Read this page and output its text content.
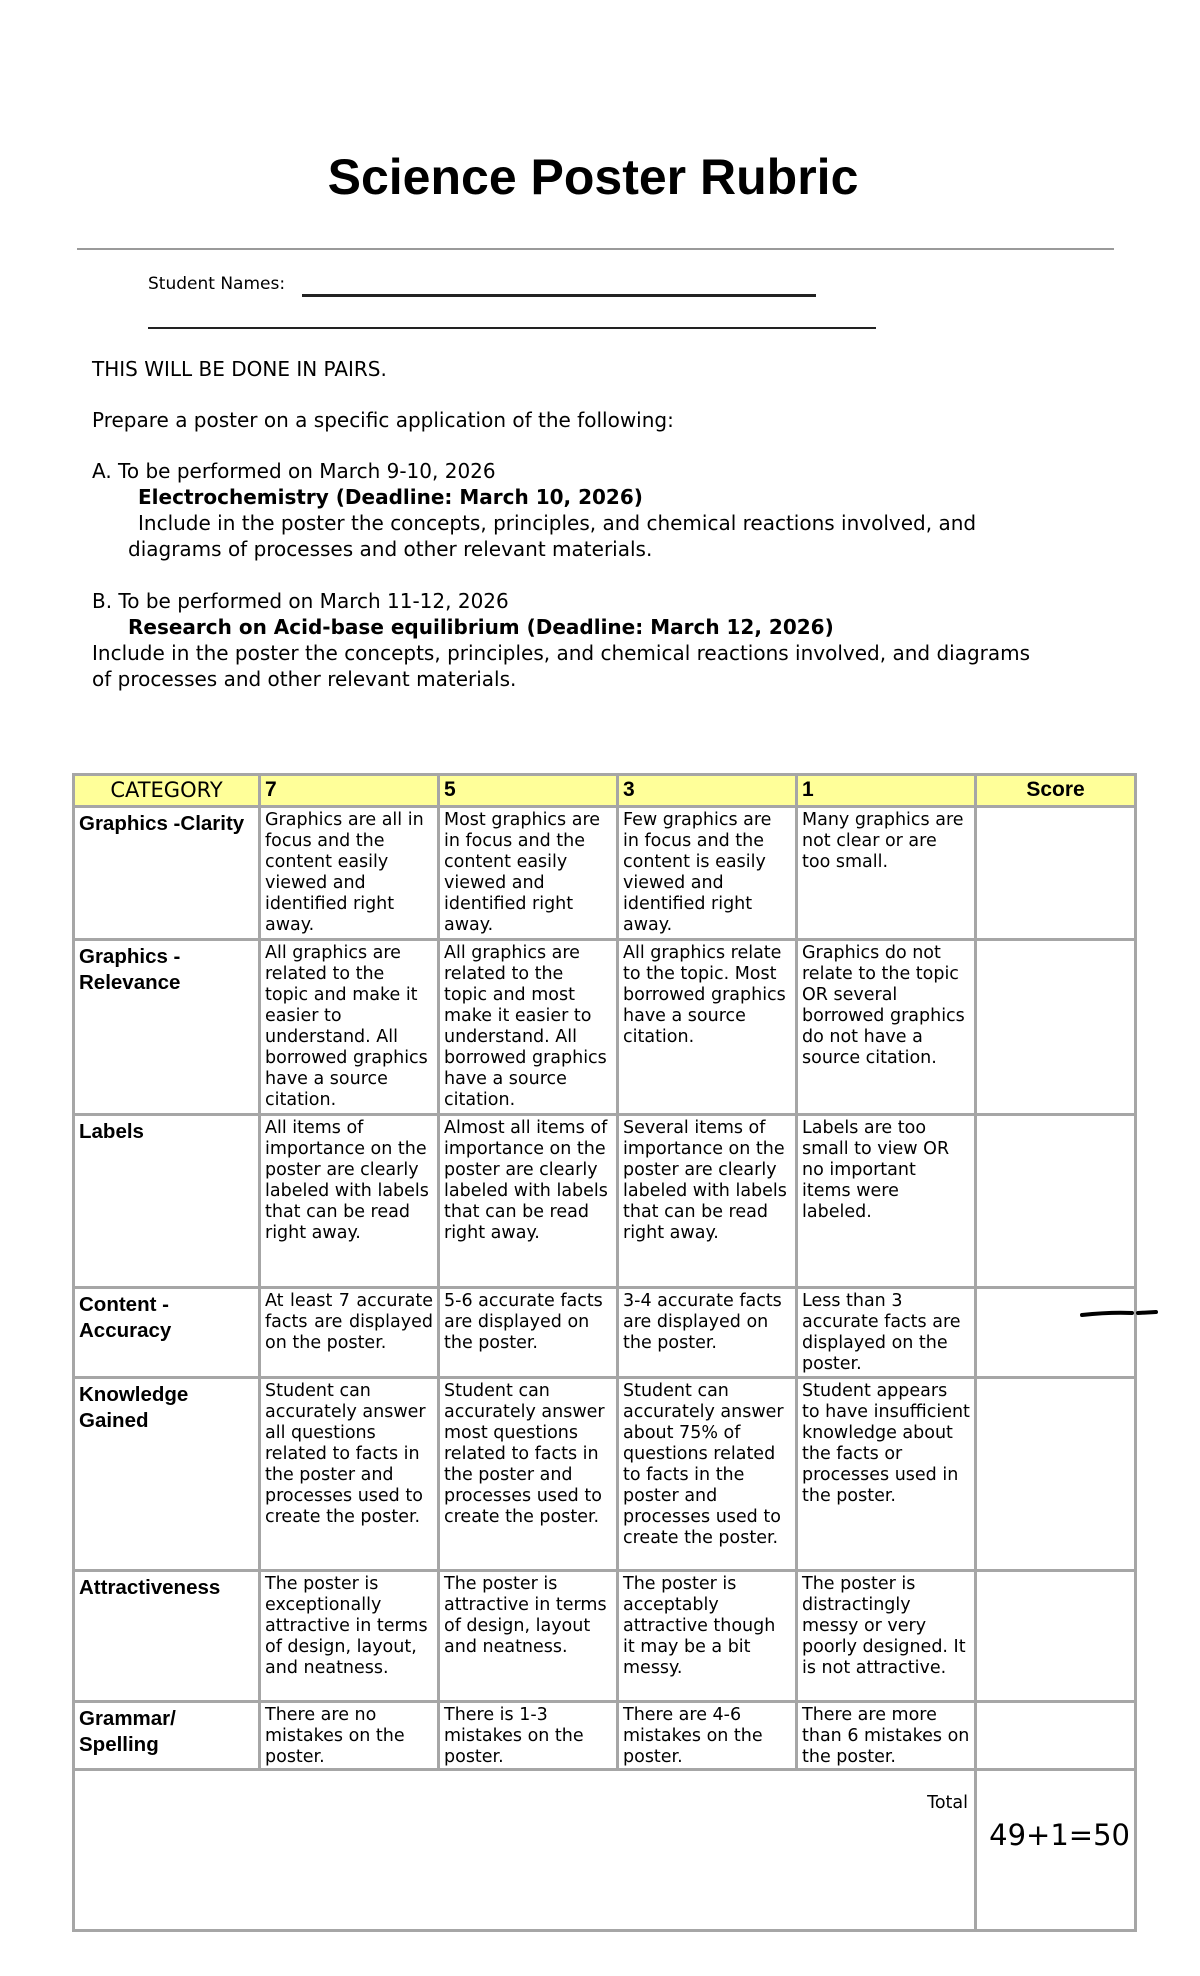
Science Poster Rubric
Student Names:
THIS WILL BE DONE IN PAIRS.
Prepare a poster on a specific application of the following:
A. To be performed on March 9-10, 2026
Electrochemistry (Deadline: March 10, 2026)
Include in the poster the concepts, principles, and chemical reactions involved, and
diagrams of processes and other relevant materials.
B. To be performed on March 11-12, 2026
Research on Acid-base equilibrium (Deadline: March 12, 2026)
Include in the poster the concepts, principles, and chemical reactions involved, and diagrams
of processes and other relevant materials.
CATEGORY	7	5	3	1	Score
Graphics -Clarity	Graphics are all in focus and the content easily viewed and identified right away.	Most graphics are in focus and the content easily viewed and identified right away.	Few graphics are in focus and the content is easily viewed and identified right away.	Many graphics are not clear or are too small.	
Graphics - Relevance	All graphics are related to the topic and make it easier to understand. All borrowed graphics have a source citation.	All graphics are related to the topic and most make it easier to understand. All borrowed graphics have a source citation.	All graphics relate to the topic. Most borrowed graphics have a source citation.	Graphics do not relate to the topic OR several borrowed graphics do not have a source citation.	
Labels	All items of importance on the poster are clearly labeled with labels that can be read right away.	Almost all items of importance on the poster are clearly labeled with labels that can be read right away.	Several items of importance on the poster are clearly labeled with labels that can be read right away.	Labels are too small to view OR no important items were labeled.	
Content - Accuracy	At least 7 accurate facts are displayed on the poster.	5-6 accurate facts are displayed on the poster.	3-4 accurate facts are displayed on the poster.	Less than 3 accurate facts are displayed on the poster.	
Knowledge Gained	Student can accurately answer all questions related to facts in the poster and processes used to create the poster.	Student can accurately answer most questions related to facts in the poster and processes used to create the poster.	Student can accurately answer about 75% of questions related to facts in the poster and processes used to create the poster.	Student appears to have insufficient knowledge about the facts or processes used in the poster.	
Attractiveness	The poster is exceptionally attractive in terms of design, layout, and neatness.	The poster is attractive in terms of design, layout and neatness.	The poster is acceptably attractive though it may be a bit messy.	The poster is distractingly messy or very poorly designed. It is not attractive.	
Grammar/ Spelling	There are no mistakes on the poster.	There is 1-3 mistakes on the poster.	There are 4-6 mistakes on the poster.	There are more than 6 mistakes on the poster.	
Total					49+1=50
